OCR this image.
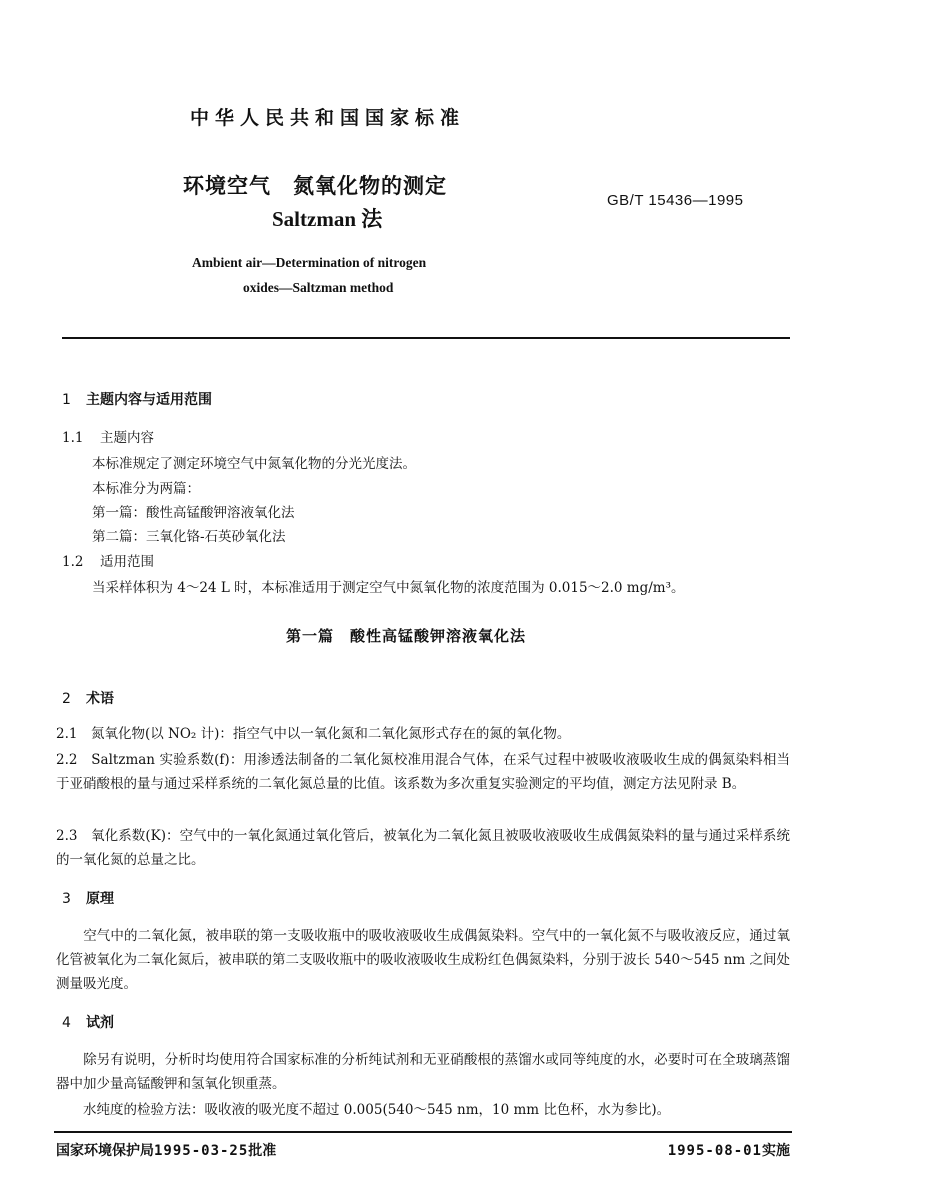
中华人民共和国国家标准
环境空气　氮氧化物的测定
Saltzman 法
GB/T 15436—1995
Ambient air—Determination of nitrogen
oxides—Saltzman method
1 主题内容与适用范围
1.1 主题内容
本标准规定了测定环境空气中氮氧化物的分光光度法。
本标准分为两篇：
第一篇：酸性高锰酸钾溶液氧化法
第二篇：三氧化铬-石英砂氧化法
1.2 适用范围
当采样体积为 4～24 L 时，本标准适用于测定空气中氮氧化物的浓度范围为 0.015～2.0 mg/m³。
第一篇　酸性高锰酸钾溶液氧化法
2 术语
2.1　氮氧化物(以 NO₂ 计)：指空气中以一氧化氮和二氧化氮形式存在的氮的氧化物。
2.2　Saltzman 实验系数(f)：用渗透法制备的二氧化氮校准用混合气体，在采气过程中被吸收液吸收生成的偶氮染料相当于亚硝酸根的量与通过采样系统的二氧化氮总量的比值。该系数为多次重复实验测定的平均值，测定方法见附录 B。
2.3　氧化系数(K)：空气中的一氧化氮通过氧化管后，被氧化为二氧化氮且被吸收液吸收生成偶氮染料的量与通过采样系统的一氧化氮的总量之比。
3 原理
　　空气中的二氧化氮，被串联的第一支吸收瓶中的吸收液吸收生成偶氮染料。空气中的一氧化氮不与吸收液反应，通过氧化管被氧化为二氧化氮后，被串联的第二支吸收瓶中的吸收液吸收生成粉红色偶氮染料，分别于波长 540～545 nm 之间处测量吸光度。
4 试剂
　　除另有说明，分析时均使用符合国家标准的分析纯试剂和无亚硝酸根的蒸馏水或同等纯度的水，必要时可在全玻璃蒸馏器中加少量高锰酸钾和氢氧化钡重蒸。
　　水纯度的检验方法：吸收液的吸光度不超过 0.005(540～545 nm，10 mm 比色杯，水为参比)。
国家环境保护局1995-03-25批准	1995-08-01实施
